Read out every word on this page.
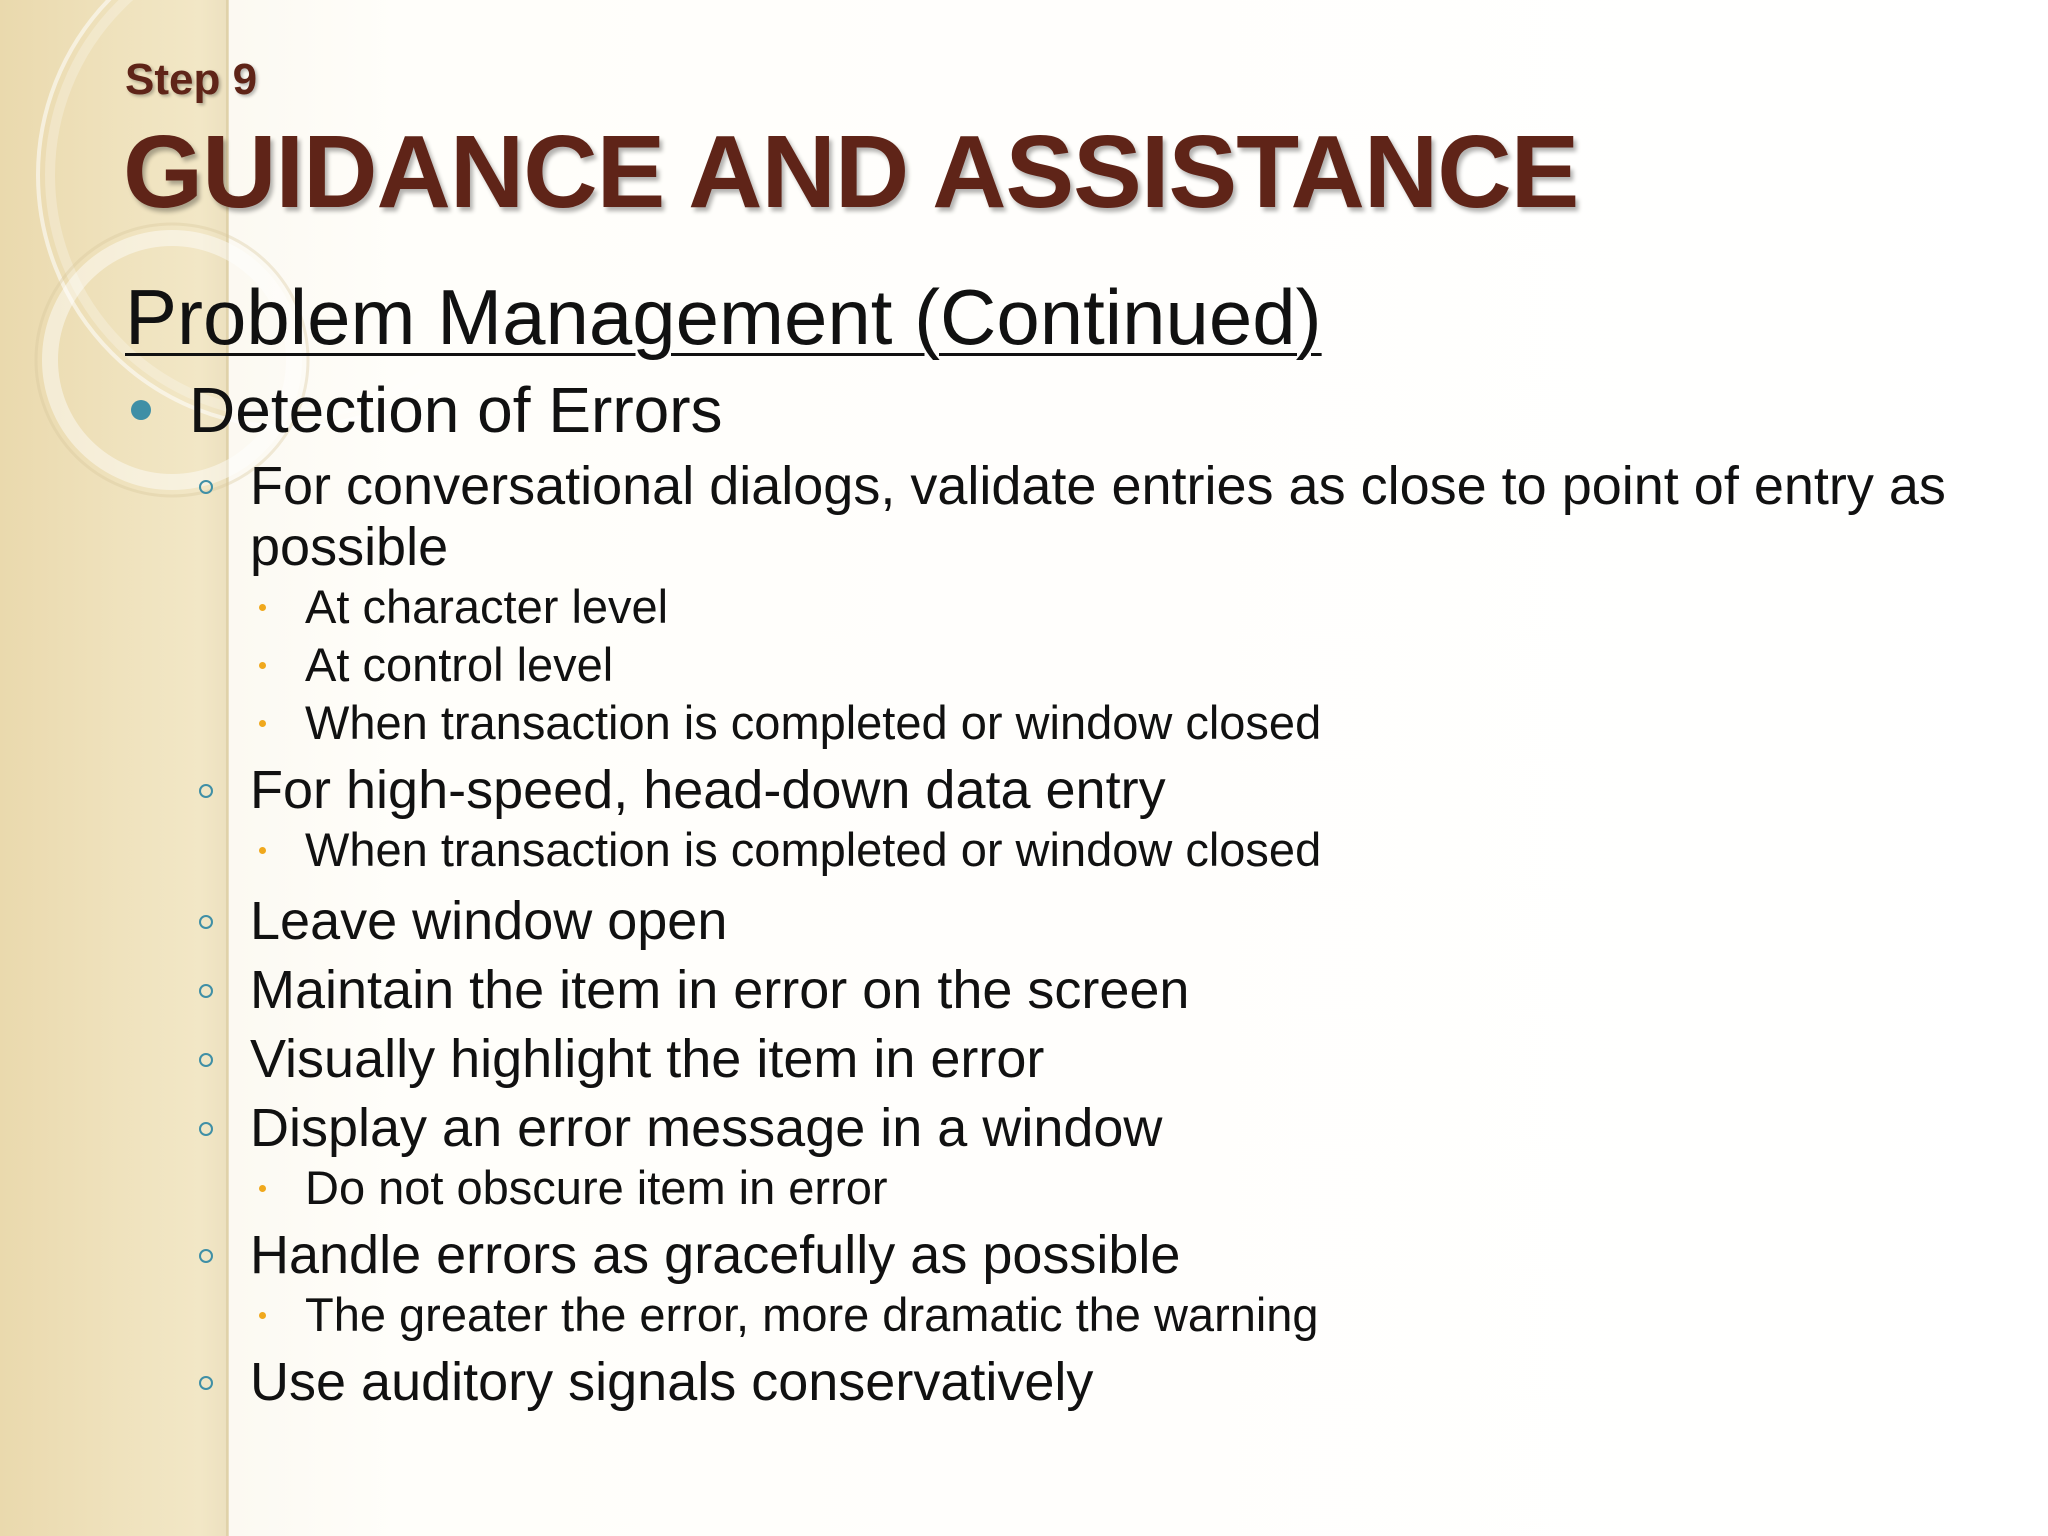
Step 9
GUIDANCE AND ASSISTANCE
Problem Management (Continued)
Detection of Errors
For conversational dialogs, validate entries as close to point of entry as possible
At character level
At control level
When transaction is completed or window closed
For high-speed, head-down data entry
When transaction is completed or window closed
Leave window open
Maintain the item in error on the screen
Visually highlight the item in error
Display an error message in a window
Do not obscure item in error
Handle errors as gracefully as possible
The greater the error, more dramatic the warning
Use auditory signals conservatively
